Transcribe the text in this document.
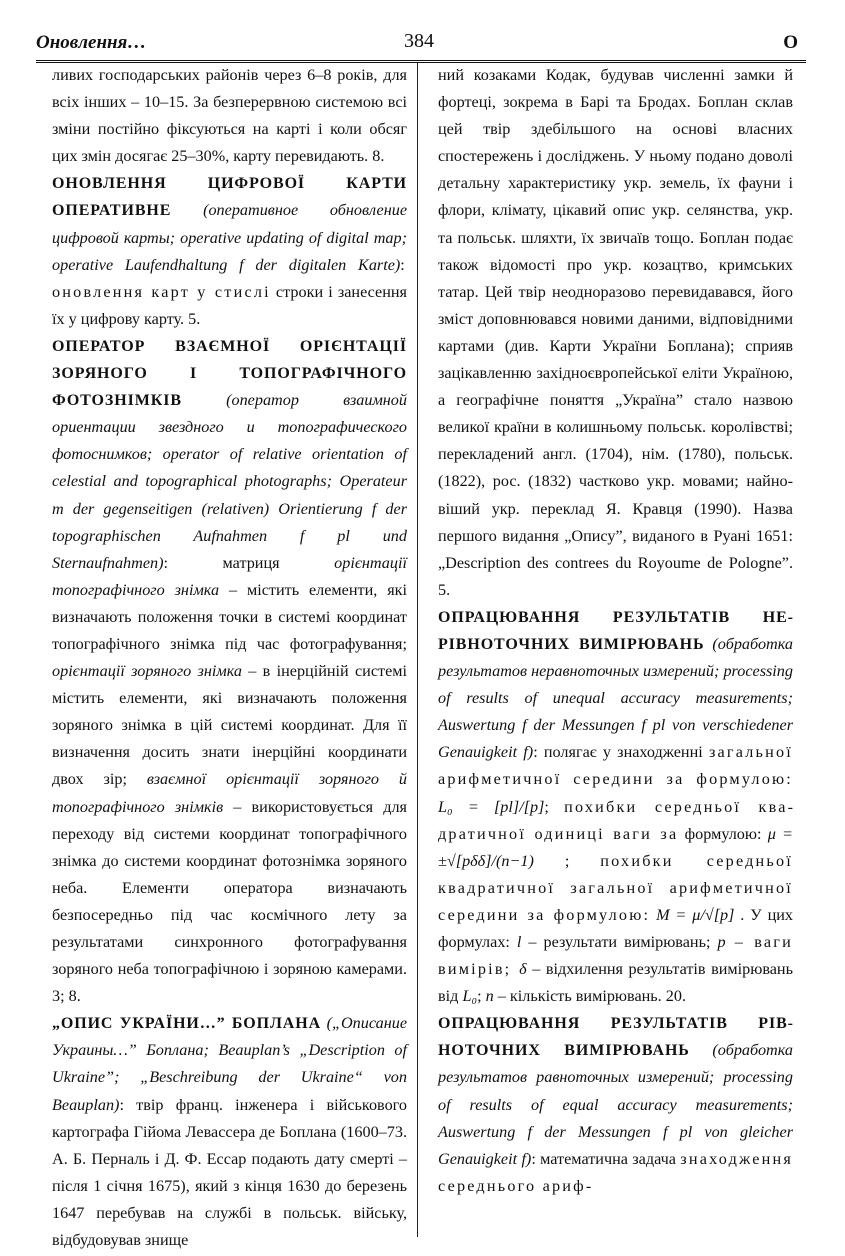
Оновлення…	384	О

ливих господарських районів через 6–8 років, для всіх інших – 10–15. За безперервною системою всі зміни постійно фіксуються на карті і коли обсяг цих змін досягає 25–30%, карту перевидають. 8.

ОНОВЛЕННЯ ЦИФРОВОЇ КАРТИ ОПЕРАТИВНЕ (оперативное обновление цифровой карты; operative updating of digital map; operative Laufendhaltung f der digitalen Karte): оновлення карт у стислі строки і занесення їх у цифрову карту. 5.

ОПЕРАТОР ВЗАЄМНОЇ ОРІЄНТАЦІЇ ЗОРЯНОГО І ТОПОГРАФІЧНОГО ФОТОЗНІМКІВ	(оператор взаимной ориентации звездного и топографического фотоснимков; operator of relative orientation of celestial and topographical photographs; Operateur m der gegenseitigen (relativen) Orientierung f der topographischen Aufnahmen f pl und Sternaufnahmen): матриця орієнтації топографічного знімка – містить елементи, які визначають положення точки в системі координат топографічного знімка під час фотографування; орієнтації зоряного знімка – в інерційній системі містить елементи, які визначають положення зоряного знімка в цій системі координат. Для її визначення досить знати інерційні координати двох зір; взаємної орієнтації зоряного й топографічного знімків – використовується для переходу від системи координат топографічного знімка до системи координат фотознімка зоряного неба. Елементи оператора визначають безпосередньо під час космічного лету за результатами синхронного фотографування зоряного неба топографічною і зоряною камерами. 3; 8.

„ОПИС УКРАЇНИ…” БОПЛАНА („Описание Украины…” Боплана; Beauplan’s „Description of Ukraine”; „Beschreibung der Ukraine“ von Beauplan): твір франц. інженера і військового картографа Гійома Левассера де Боплана (1600–73. А. Б. Перналь і Д. Ф. Ессар подають дату смерті – після 1 січня 1675), який з кінця 1630 до березень 1647 перебував на службі в польськ. війську, відбудовував знище

ний козаками Кодак, будував численні замки й фортеці, зокрема в Барі та Бродах. Боплан склав цей твір здебільшого на основі власних спостережень і досліджень. У ньому подано доволі детальну характеристику укр. земель, їх фауни і флори, клімату, цікавий опис укр. селянства, укр. та польськ. шляхти, їх звичаїв тощо. Боплан подає також відомості про укр. козацтво, кримських татар. Цей твір неодноразово перевидавався, його зміст доповнювався новими даними, відповідними картами (див. Карти України Боплана); сприяв зацікавленню західноєвропейської еліти Україною, а географічне поняття „Україна” стало назвою великої країни в колишньому польськ. королівстві; перекладений англ. (1704), нім. (1780), польськ. (1822), рос. (1832) частково укр. мовами; найновіший укр. переклад Я. Кравця (1990). Назва першого видання „Опису”, виданого в Руані 1651: „Description des contrees du Royoume de Pologne”. 5.

ОПРАЦЮВАННЯ РЕЗУЛЬТАТІВ НЕРІВНОТОЧНИХ ВИМІРЮВАНЬ (обработка результатов неравноточных измерений; processing of results of unequal accuracy measurements; Auswertung f der Messungen f pl von verschiedener Genauigkeit f): полягає у знаходженні загальної арифметичної середини за формулою: L₀ = [pl]/[p]; похибки середньої квадратичної одиниці ваги за формулою: μ = ±√[pδδ]/(n−1) ; похибки середньої квадратичної загальної арифметичної середини за формулою: M = μ/√[p] . У цих формулах: l – результати вимірювань; p – ваги вимірів; δ – відхилення результатів вимірювань від L₀; n – кількість вимірювань. 20.

ОПРАЦЮВАННЯ РЕЗУЛЬТАТІВ РІВНОТОЧНИХ ВИМІРЮВАНЬ (обработка результатов равноточных измерений; processing of results of equal accuracy measurements; Auswertung f der Messungen f pl von gleicher Genauigkeit f): математична задача знаходження середнього ариф-
